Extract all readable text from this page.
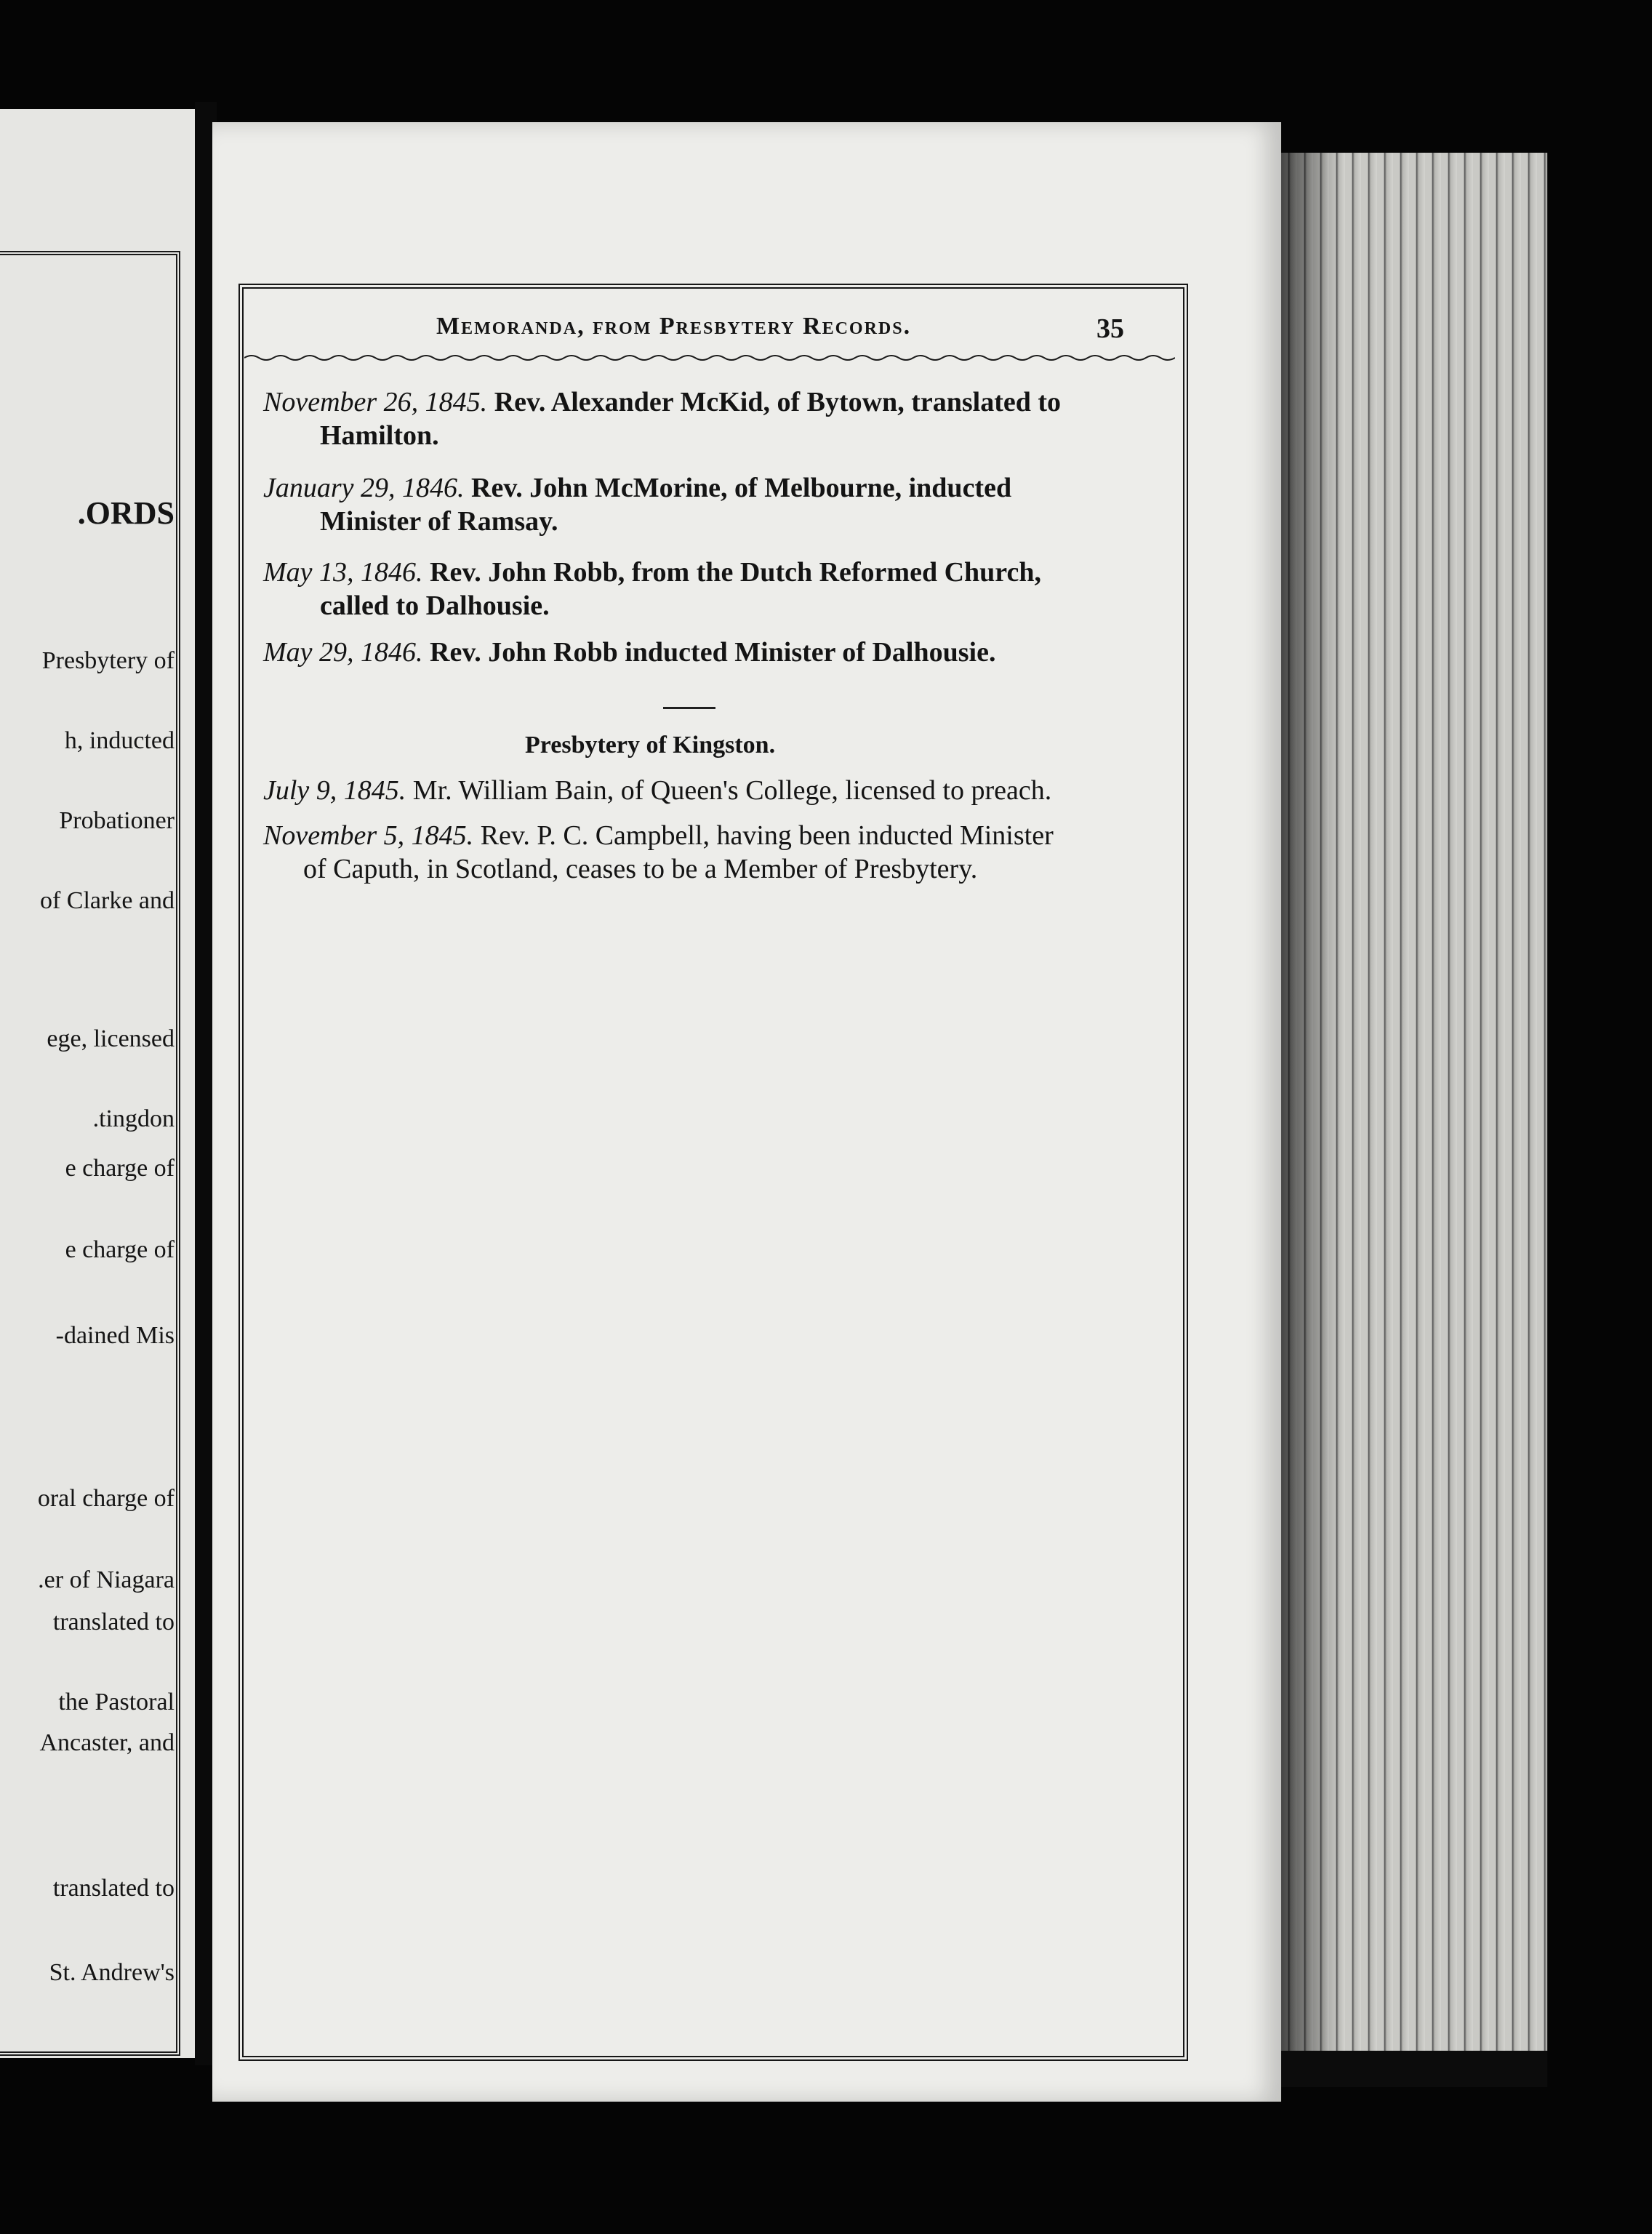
ORDS.
Presbytery of
h, inducted
Probationer
of Clarke and
ege, licensed
tingdon.
e charge of
e charge of
dained Mis-
oral charge of
er of Niagara.
translated to
the Pastoral
Ancaster, and
translated to
St. Andrew's
Memoranda, from Presbytery Records.	35
November 26, 1845. Rev. Alexander McKid, of Bytown, translated to
Hamilton.
January 29, 1846. Rev. John McMorine, of Melbourne, inducted
Minister of Ramsay.
May 13, 1846. Rev. John Robb, from the Dutch Reformed Church,
called to Dalhousie.
May 29, 1846. Rev. John Robb inducted Minister of Dalhousie.
Presbytery of Kingston.
July 9, 1845. Mr. William Bain, of Queen's College, licensed to preach.
November 5, 1845. Rev. P. C. Campbell, having been inducted Minister
of Caputh, in Scotland, ceases to be a Member of Presbytery.
